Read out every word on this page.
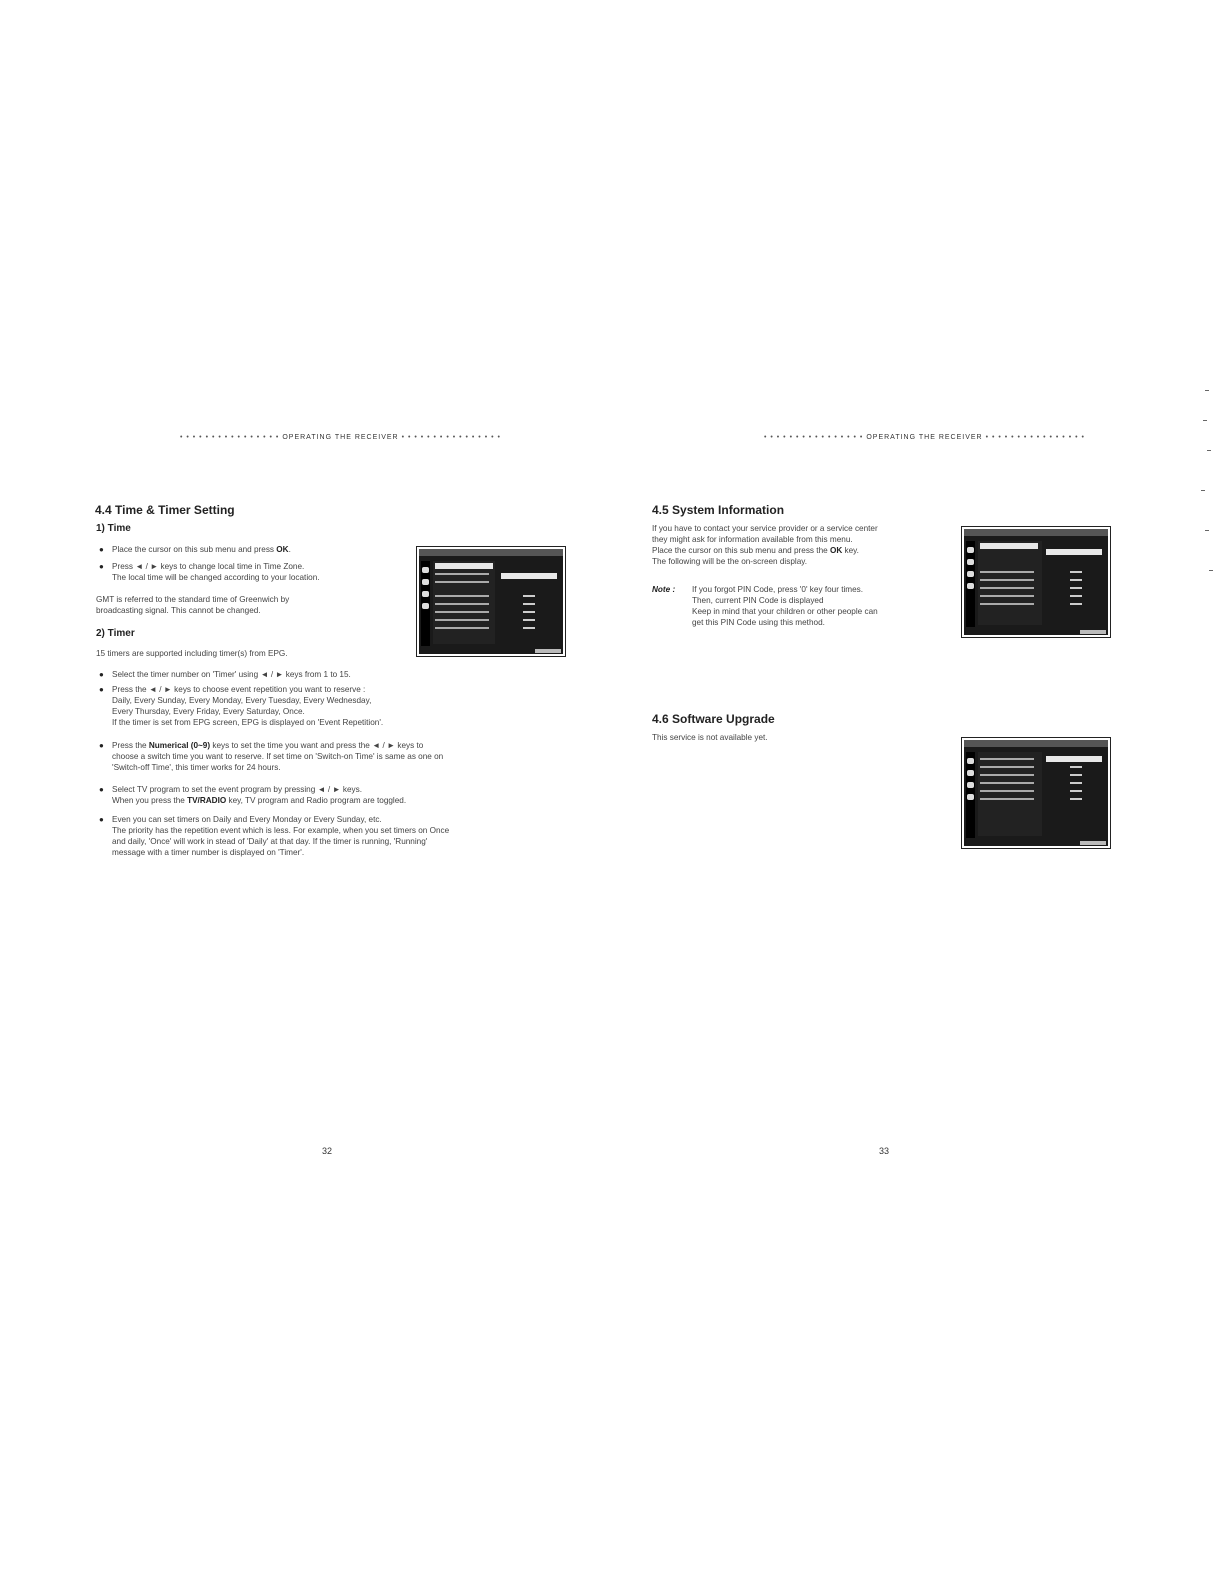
• • • • • • • • • • • • • • • • OPERATING THE RECEIVER • • • • • • • • • • • • • • • •
4.4 Time & Timer Setting
1) Time
● Place the cursor on this sub menu and press OK.
● Press ◄ / ► keys to change local time in Time Zone.
The local time will be changed according to your location.
GMT is referred to the standard time of Greenwich by
broadcasting signal. This cannot be changed.
2) Timer
15 timers are supported including timer(s) from EPG.
● Select the timer number on 'Timer' using ◄ / ► keys from 1 to 15.
● Press the ◄ / ► keys to choose event repetition you want to reserve :
Daily, Every Sunday, Every Monday, Every Tuesday, Every Wednesday,
Every Thursday, Every Friday, Every Saturday, Once.
If the timer is set from EPG screen, EPG is displayed on 'Event Repetition'.
● Press the Numerical (0~9) keys to set the time you want and press the ◄ / ► keys to
choose a switch time you want to reserve. If set time on 'Switch-on Time' is same as one on
'Switch-off Time', this timer works for 24 hours.
● Select TV program to set the event program by pressing ◄ / ► keys.
When you press the TV/RADIO key, TV program and Radio program are toggled.
● Even you can set timers on Daily and Every Monday or Every Sunday, etc.
The priority has the repetition event which is less. For example, when you set timers on Once
and daily, 'Once' will work in stead of 'Daily' at that day. If the timer is running, 'Running'
message with a timer number is displayed on 'Timer'.
32
• • • • • • • • • • • • • • • • OPERATING THE RECEIVER • • • • • • • • • • • • • • • •
4.5 System Information
If you have to contact your service provider or a service center
they might ask for information available from this menu.
Place the cursor on this sub menu and press the OK key.
The following will be the on-screen display.
Note : If you forgot PIN Code, press '0' key four times.
Then, current PIN Code is displayed
Keep in mind that your children or other people can
get this PIN Code using this method.
4.6 Software Upgrade
This service is not available yet.
33
